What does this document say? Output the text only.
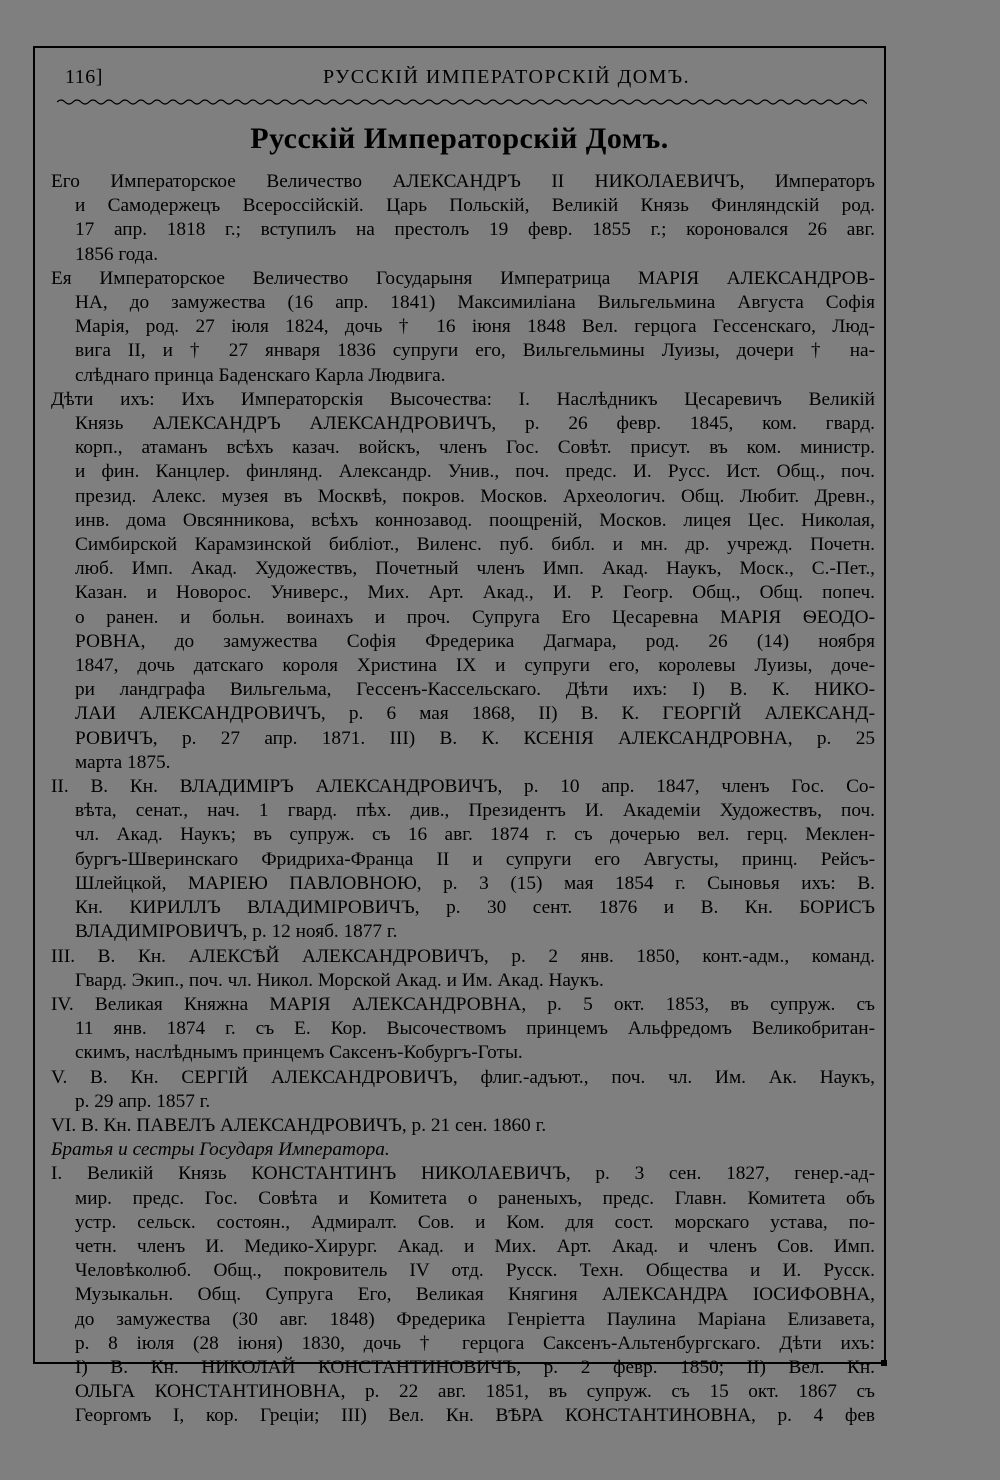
116]	РУССКІЙ ИМПЕРАТОРСКІЙ ДОМЪ.
Русскій Императорскій Домъ.
Его Императорское Величество АЛЕКСАНДРЪ II НИКОЛАЕВИЧЪ, Императоръ
и Самодержецъ Всероссійскій. Царь Польскій, Великій Князь Финляндскій род.
17 апр. 1818 г.; вступилъ на престолъ 19 февр. 1855 г.; короновался 26 авг.
1856 года.
Ея Императорское Величество Государыня Императрица МАРІЯ АЛЕКСАНДРОВ-
НА, до замужества (16 апр. 1841) Максимиліана Вильгельмина Августа Софія
Марія, род. 27 іюля 1824, дочь † 16 іюня 1848 Вел. герцога Гессенскаго, Люд-
вига II, и † 27 января 1836 супруги его, Вильгельмины Луизы, дочери † на-
слѣднаго принца Баденскаго Карла Людвига.
Дѣти ихъ: Ихъ Императорскія Высочества: I. Наслѣдникъ Цесаревичъ Великій
Князь АЛЕКСАНДРЪ АЛЕКСАНДРОВИЧЪ, р. 26 февр. 1845, ком. гвард.
корп., атаманъ всѣхъ казач. войскъ, членъ Гос. Совѣт. присут. въ ком. министр.
и фин. Канцлер. финлянд. Александр. Унив., поч. предс. И. Русс. Ист. Общ., поч.
презид. Алекс. музея въ Москвѣ, покров. Москов. Археологич. Общ. Любит. Древн.,
инв. дома Овсянникова, всѣхъ коннозавод. поощреній, Москов. лицея Цес. Николая,
Симбирской Карамзинской библіот., Виленс. пуб. библ. и мн. др. учрежд. Почетн.
люб. Имп. Акад. Художествъ, Почетный членъ Имп. Акад. Наукъ, Моск., С.-Пет.,
Казан. и Новорос. Универс., Мих. Арт. Акад., И. Р. Геогр. Общ., Общ. попеч.
о ранен. и больн. воинахъ и проч. Супруга Его Цесаревна МАРІЯ ѲЕОДО-
РОВНА, до замужества Софія Фредерика Дагмара, род. 26 (14) ноября
1847, дочь датскаго короля Христина IX и супруги его, королевы Луизы, доче-
ри ландграфа Вильгельма, Гессенъ-Кассельскаго. Дѣти ихъ: I) В. К. НИКО-
ЛАИ АЛЕКСАНДРОВИЧЪ, р. 6 мая 1868, II) В. К. ГЕОРГІЙ АЛЕКСАНД-
РОВИЧЪ, р. 27 апр. 1871. III) В. К. КСЕНІЯ АЛЕКСАНДРОВНА, р. 25
марта 1875.
II. В. Кн. ВЛАДИМІРЪ АЛЕКСАНДРОВИЧЪ, р. 10 апр. 1847, членъ Гос. Со-
вѣта, сенат., нач. 1 гвард. пѣх. див., Президентъ И. Академіи Художествъ, поч.
чл. Акад. Наукъ; въ супруж. съ 16 авг. 1874 г. съ дочерью вел. герц. Меклен-
бургъ-Шверинскаго Фридриха-Франца II и супруги его Августы, принц. Рейсъ-
Шлейцкой, МАРІЕЮ ПАВЛОВНОЮ, р. 3 (15) мая 1854 г. Сыновья ихъ: В.
Кн. КИРИЛЛЪ ВЛАДИМІРОВИЧЪ, р. 30 сент. 1876 и В. Кн. БОРИСЪ
ВЛАДИМІРОВИЧЪ, р. 12 нояб. 1877 г.
III. В. Кн. АЛЕКСѢЙ АЛЕКСАНДРОВИЧЪ, р. 2 янв. 1850, конт.-адм., команд.
Гвард. Экип., поч. чл. Никол. Морской Акад. и Им. Акад. Наукъ.
IV. Великая Княжна МАРІЯ АЛЕКСАНДРОВНА, р. 5 окт. 1853, въ супруж. съ
11 янв. 1874 г. съ Е. Кор. Высочествомъ принцемъ Альфредомъ Великобритан-
скимъ, наслѣднымъ принцемъ Саксенъ-Кобургъ-Готы.
V. В. Кн. СЕРГІЙ АЛЕКСАНДРОВИЧЪ, флиг.-адъют., поч. чл. Им. Ак. Наукъ,
р. 29 апр. 1857 г.
VI. В. Кн. ПАВЕЛЪ АЛЕКСАНДРОВИЧЪ, р. 21 сен. 1860 г.
Братья и сестры Государя Императора.
I. Великій Князь КОНСТАНТИНЪ НИКОЛАЕВИЧЪ, р. 3 сен. 1827, генер.-ад-
мир. предс. Гос. Совѣта и Комитета о раненыхъ, предс. Главн. Комитета объ
устр. сельск. состоян., Адмиралт. Сов. и Ком. для сост. морскаго устава, по-
четн. членъ И. Медико-Хирург. Акад. и Мих. Арт. Акад. и членъ Сов. Имп.
Человѣколюб. Общ., покровитель IV отд. Русск. Техн. Общества и И. Русск.
Музыкальн. Общ. Супруга Его, Великая Княгиня АЛЕКСАНДРА ІОСИФОВНА,
до замужества (30 авг. 1848) Фредерика Генріетта Паулина Маріана Елизавета,
р. 8 іюля (28 іюня) 1830, дочь † герцога Саксенъ-Альтенбургскаго. Дѣти ихъ:
I) В. Кн. НИКОЛАЙ КОНСТАНТИНОВИЧЪ, р. 2 февр. 1850; II) Вел. Кн.
ОЛЬГА КОНСТАНТИНОВНА, р. 22 авг. 1851, въ супруж. съ 15 окт. 1867 съ
Георгомъ I, кор. Греціи; III) Вел. Кн. ВѢРА КОНСТАНТИНОВНА, р. 4 фев
